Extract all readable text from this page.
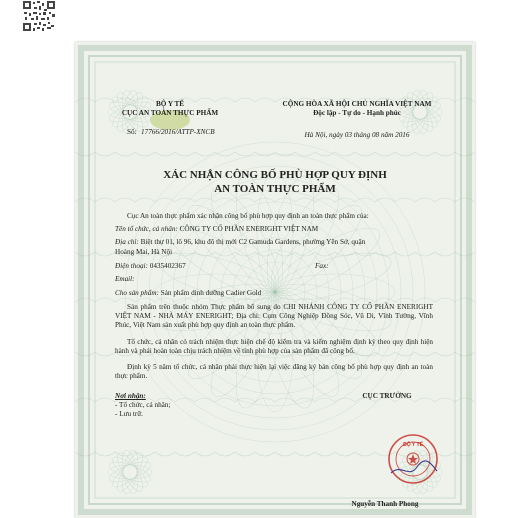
BỘ Y TẾ
CỤC AN TOÀN THỰC PHẨM
Số: 17766/2016/ATTP-XNCB
CỘNG HÒA XÃ HỘI CHỦ NGHĨA VIỆT NAM
Độc lập - Tự do - Hạnh phúc
Hà Nội, ngày 03 tháng 08 năm 2016
XÁC NHẬN CÔNG BỐ PHÙ HỢP QUY ĐỊNH
AN TOÀN THỰC PHẨM
Cục An toàn thực phẩm xác nhận công bố phù hợp quy định an toàn thực phẩm của:
Tên tổ chức, cá nhân: CÔNG TY CỔ PHẦN ENERIGHT VIỆT NAM
Địa chỉ: Biệt thự 01, lô 96, khu đô thị mới C2 Gamuda Gardens, phường Yên Sở, quận
Hoàng Mai, Hà Nội
Điện thoại: 0435402367	Fax:
Email:
Cho sản phẩm: Sản phẩm dinh dưỡng Cadier Gold
Sản phẩm trên thuộc nhóm Thực phẩm bổ sung do CHI NHÁNH CÔNG TY CỔ PHẦN ENERIGHT VIỆT NAM - NHÀ MÁY ENERIGHT; Địa chỉ: Cụm Công Nghiệp Đồng Sóc, Vũ Di, Vĩnh Tường, Vĩnh Phúc, Việt Nam sản xuất phù hợp quy định an toàn thực phẩm.
Tổ chức, cá nhân có trách nhiệm thực hiện chế độ kiểm tra và kiểm nghiệm định kỳ theo quy định hiện hành và phải hoàn toàn chịu trách nhiệm về tính phù hợp của sản phẩm đã công bố.
Định kỳ 5 năm tổ chức, cá nhân phải thực hiện lại việc đăng ký bản công bố phù hợp quy định an toàn thực phẩm.
Nơi nhận:
- Tổ chức, cá nhân;
- Lưu trữ.
CỤC TRƯỞNG
Nguyễn Thanh Phong
BỘ Y TẾ
